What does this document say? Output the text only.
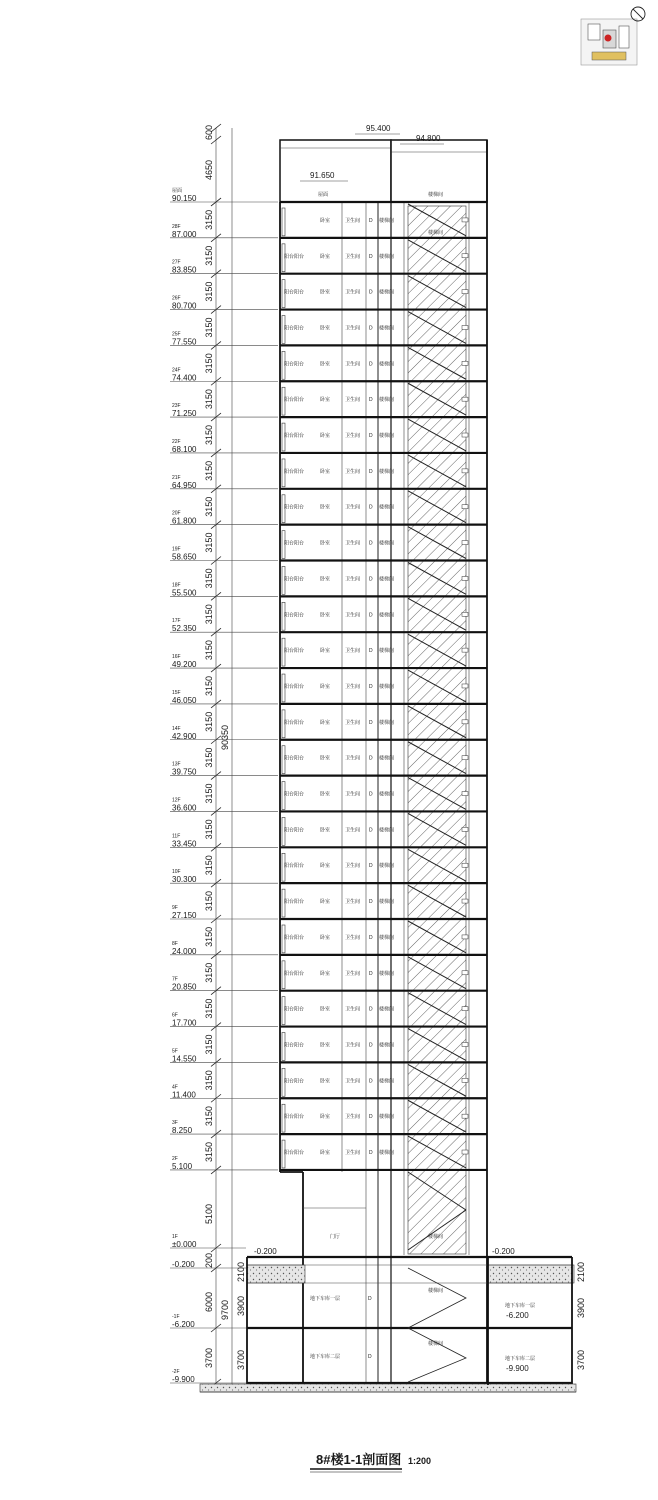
屋面
90.150
28F
87.000
27F
83.850
26F
80.700
25F
77.550
24F
74.400
23F
71.250
22F
68.100
21F
64.950
20F
61.800
19F
58.650
18F
55.500
17F
52.350
16F
49.200
15F
46.050
14F
42.900
13F
39.750
12F
36.600
11F
33.450
10F
30.300
9F
27.150
8F
24.000
7F
20.850
6F
17.700
5F
14.550
4F
11.400
3F
8.250
2F
5.100
1F
±0.000
-0.200
-1F
-6.200
-2F
-9.900
-0.200	-0.200
-6.200
-9.900
3150
3150
3150
3150
3150
3150
3150
3150
3150
3150
3150
3150
3150
3150
3150
3150
3150
3150
3150
3150
3150
3150
3150
3150
3150
3150
3150
600
4650
90350
5100
200
6000
3700
9700
2100
3900
3700
2100
3900
3700
卧室	卫生间 D 楼梯间
阳台阳台	卧室	卫生间 D 楼梯间
阳台阳台	卧室	卫生间 D 楼梯间
阳台阳台	卧室	卫生间 D 楼梯间
阳台阳台	卧室	卫生间 D 楼梯间
阳台阳台	卧室	卫生间 D 楼梯间
阳台阳台	卧室	卫生间 D 楼梯间
阳台阳台	卧室	卫生间 D 楼梯间
阳台阳台	卧室	卫生间 D 楼梯间
阳台阳台	卧室	卫生间 D 楼梯间
阳台阳台	卧室	卫生间 D 楼梯间
阳台阳台	卧室	卫生间 D 楼梯间
阳台阳台	卧室	卫生间 D 楼梯间
阳台阳台	卧室	卫生间 D 楼梯间
阳台阳台	卧室	卫生间 D 楼梯间
阳台阳台	卧室	卫生间 D 楼梯间
阳台阳台	卧室	卫生间 D 楼梯间
阳台阳台	卧室	卫生间 D 楼梯间
阳台阳台	卧室	卫生间 D 楼梯间
阳台阳台	卧室	卫生间 D 楼梯间
阳台阳台	卧室	卫生间 D 楼梯间
阳台阳台	卧室	卫生间 D 楼梯间
阳台阳台	卧室	卫生间 D 楼梯间
阳台阳台	卧室	卫生间 D 楼梯间
阳台阳台	卧室	卫生间 D 楼梯间
阳台阳台	卧室	卫生间 D 楼梯间
阳台阳台	卧室	卫生间 D 楼梯间
屋面	楼梯间
楼梯间
门厅	楼梯间
楼梯间
楼梯间
地下车库一层
地下车库二层
D
D
地下车库一层
地下车库二层
95.400
94.800
91.650
8#楼1-1剖面图 1:200
